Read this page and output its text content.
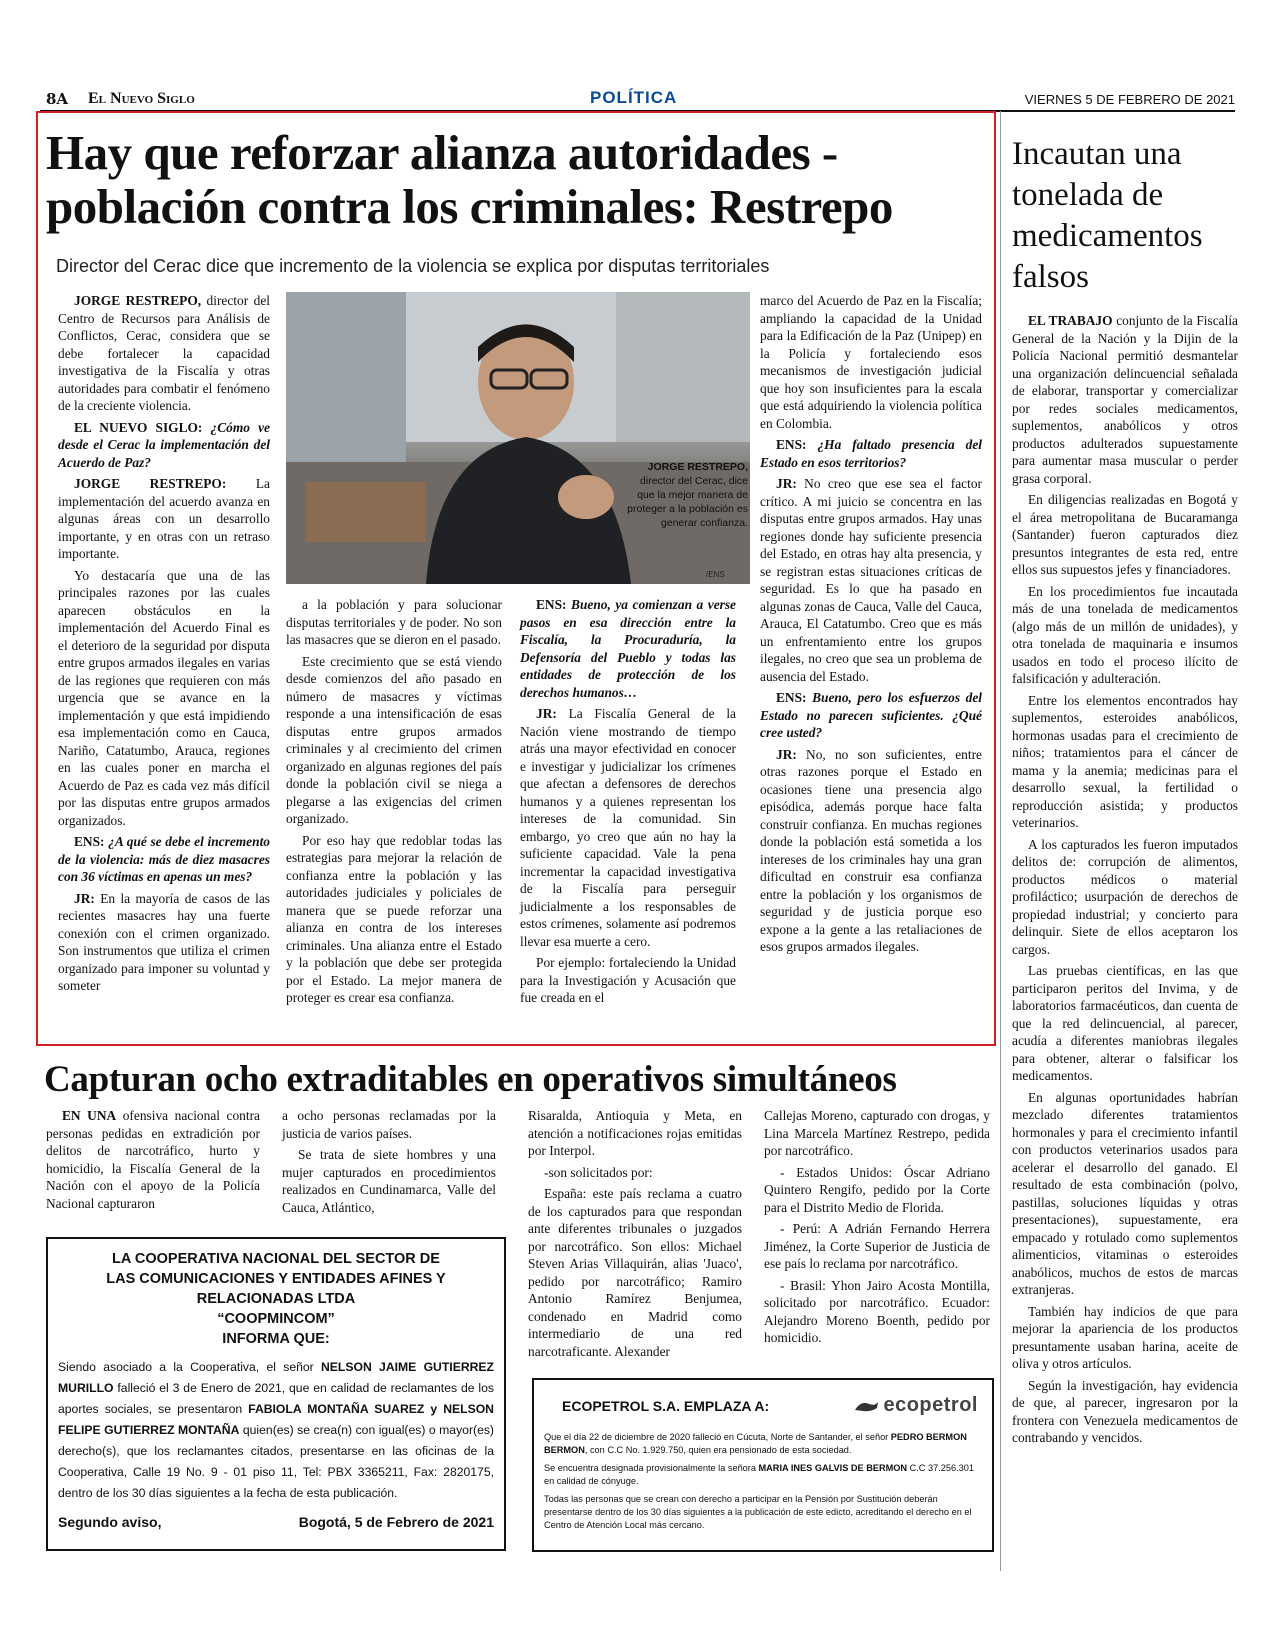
8A El Nuevo Siglo	POLÍTICA	VIERNES 5 DE FEBRERO DE 2021
Hay que reforzar alianza autoridades -
población contra los criminales: Restrepo
Director del Cerac dice que incremento de la violencia se explica por disputas territoriales

JORGE RESTREPO, director del Centro de Recursos para Análisis de Conflictos, Cerac, considera que se debe fortalecer la capacidad investigativa de la Fiscalía y otras autoridades para combatir el fenómeno de la creciente violencia.

EL NUEVO SIGLO: ¿Cómo ve desde el Cerac la implementación del Acuerdo de Paz?

JORGE RESTREPO: La implementación del acuerdo avanza en algunas áreas con un desarrollo importante, y en otras con un retraso importante.

Yo destacaría que una de las principales razones por las cuales aparecen obstáculos en la implementación del Acuerdo Final es el deterioro de la seguridad por disputa entre grupos armados ilegales en varias de las regiones que requieren con más urgencia que se avance en la implementación y que está impidiendo esa implementación como en Cauca, Nariño, Catatumbo, Arauca, regiones en las cuales poner en marcha el Acuerdo de Paz es cada vez más difícil por las disputas entre grupos armados organizados.

ENS: ¿A qué se debe el incremento de la violencia: más de diez masacres con 36 víctimas en apenas un mes?

JR: En la mayoría de casos de las recientes masacres hay una fuerte conexión con el crimen organizado. Son instrumentos que utiliza el crimen organizado para imponer su voluntad y someter

a la población y para solucionar disputas territoriales y de poder. No son las masacres que se dieron en el pasado.

Este crecimiento que se está viendo desde comienzos del año pasado en número de masacres y víctimas responde a una intensificación de esas disputas entre grupos armados criminales y al crecimiento del crimen organizado en algunas regiones del país donde la población civil se niega a plegarse a las exigencias del crimen organizado.

Por eso hay que redoblar todas las estrategias para mejorar la relación de confianza entre la población y las autoridades judiciales y policiales de manera que se puede reforzar una alianza en contra de los intereses criminales. Una alianza entre el Estado y la población que debe ser protegida por el Estado. La mejor manera de proteger es crear esa confianza.

ENS: Bueno, ya comienzan a verse pasos en esa dirección entre la Fiscalía, la Procuraduría, la Defensoría del Pueblo y todas las entidades de protección de los derechos humanos…

JR: La Fiscalía General de la Nación viene mostrando de tiempo atrás una mayor efectividad en conocer e investigar y judicializar los crímenes que afectan a defensores de derechos humanos y a quienes representan los intereses de la comunidad. Sin embargo, yo creo que aún no hay la suficiente capacidad. Vale la pena incrementar la capacidad investigativa de la Fiscalía para perseguir judicialmente a los responsables de estos crímenes, solamente así podremos llevar esa muerte a cero.

Por ejemplo: fortaleciendo la Unidad para la Investigación y Acusación que fue creada en el

marco del Acuerdo de Paz en la Fiscalía; ampliando la capacidad de la Unidad para la Edificación de la Paz (Unipep) en la Policía y fortaleciendo esos mecanismos de investigación judicial que hoy son insuficientes para la escala que está adquiriendo la violencia política en Colombia.

ENS: ¿Ha faltado presencia del Estado en esos territorios?

JR: No creo que ese sea el factor crítico. A mi juicio se concentra en las disputas entre grupos armados. Hay unas regiones donde hay suficiente presencia del Estado, en otras hay alta presencia, y se registran estas situaciones críticas de seguridad. Es lo que ha pasado en algunas zonas de Cauca, Valle del Cauca, Arauca, El Catatumbo. Creo que es más un enfrentamiento entre los grupos ilegales, no creo que sea un problema de ausencia del Estado.

ENS: Bueno, pero los esfuerzos del Estado no parecen suficientes. ¿Qué cree usted?

JR: No, no son suficientes, entre otras razones porque el Estado en ocasiones tiene una presencia algo episódica, además porque hace falta construir confianza. En muchas regiones donde la población está sometida a los intereses de los criminales hay una gran dificultad en construir esa confianza entre la población y los organismos de seguridad y de justicia porque eso expone a la gente a las retaliaciones de esos grupos armados ilegales.

JORGE RESTREPO,
director del Cerac, dice que la mejor manera de proteger a la población es generar confianza.
/ENS
Incautan una tonelada de medicamentos falsos

EL TRABAJO conjunto de la Fiscalía General de la Nación y la Dijin de la Policía Nacional permitió desmantelar una organización delincuencial señalada de elaborar, transportar y comercializar por redes sociales medicamentos, suplementos, anabólicos y otros productos adulterados supuestamente para aumentar masa muscular o perder grasa corporal.

En diligencias realizadas en Bogotá y el área metropolitana de Bucaramanga (Santander) fueron capturados diez presuntos integrantes de esta red, entre ellos sus supuestos jefes y financiadores.

En los procedimientos fue incautada más de una tonelada de medicamentos (algo más de un millón de unidades), y otra tonelada de maquinaria e insumos usados en todo el proceso ilícito de falsificación y adulteración.

Entre los elementos encontrados hay suplementos, esteroides anabólicos, hormonas usadas para el crecimiento de niños; tratamientos para el cáncer de mama y la anemia; medicinas para el desarrollo sexual, la fertilidad o reproducción asistida; y productos veterinarios.

A los capturados les fueron imputados delitos de: corrupción de alimentos, productos médicos o material profiláctico; usurpación de derechos de propiedad industrial; y concierto para delinquir. Siete de ellos aceptaron los cargos.

Las pruebas científicas, en las que participaron peritos del Invima, y de laboratorios farmacéuticos, dan cuenta de que la red delincuencial, al parecer, acudía a diferentes maniobras ilegales para obtener, alterar o falsificar los medicamentos.

En algunas oportunidades habrían mezclado diferentes tratamientos hormonales y para el crecimiento infantil con productos veterinarios usados para acelerar el desarrollo del ganado. El resultado de esta combinación (polvo, pastillas, soluciones líquidas y otras presentaciones), supuestamente, era empacado y rotulado como suplementos alimenticios, vitaminas o esteroides anabólicos, muchos de estos de marcas extranjeras.

También hay indicios de que para mejorar la apariencia de los productos presuntamente usaban harina, aceite de oliva y otros artículos.

Según la investigación, hay evidencia de que, al parecer, ingresaron por la frontera con Venezuela medicamentos de contrabando y vencidos.

Capturan ocho extraditables en operativos simultáneos

EN UNA ofensiva nacional contra personas pedidas en extradición por delitos de narcotráfico, hurto y homicidio, la Fiscalía General de la Nación con el apoyo de la Policía Nacional capturaron

a ocho personas reclamadas por la justicia de varios países.

Se trata de siete hombres y una mujer capturados en procedimientos realizados en Cundinamarca, Valle del Cauca, Atlántico,

Risaralda, Antioquia y Meta, en atención a notificaciones rojas emitidas por Interpol.

-son solicitados por:

España: este país reclama a cuatro de los capturados para que respondan ante diferentes tribunales o juzgados por narcotráfico. Son ellos: Michael Steven Arias Villaquirán, alias 'Juaco', pedido por narcotráfico; Ramiro Antonio Ramírez Benjumea, condenado en Madrid como intermediario de una red narcotraficante. Alexander

Callejas Moreno, capturado con drogas, y Lina Marcela Martínez Restrepo, pedida por narcotráfico.

- Estados Unidos: Óscar Adriano Quintero Rengifo, pedido por la Corte para el Distrito Medio de Florida.

- Perú: A Adrián Fernando Herrera Jiménez, la Corte Superior de Justicia de ese país lo reclama por narcotráfico.

- Brasil: Yhon Jairo Acosta Montilla, solicitado por narcotráfico. Ecuador: Alejandro Moreno Boenth, pedido por homicidio.

LA COOPERATIVA NACIONAL DEL SECTOR DE
LAS COMUNICACIONES Y ENTIDADES AFINES Y
RELACIONADAS LTDA
“COOPMINCOM”
INFORMA QUE:
Siendo asociado a la Cooperativa, el señor NELSON JAIME GUTIERREZ MURILLO falleció el 3 de Enero de 2021, que en calidad de reclamantes de los aportes sociales, se presentaron FABIOLA MONTAÑA SUAREZ y NELSON FELIPE GUTIERREZ MONTAÑA quien(es) se crea(n) con igual(es) o mayor(es) derecho(s), que los reclamantes citados, presentarse en las oficinas de la Cooperativa, Calle 19 No. 9 - 01 piso 11, Tel: PBX 3365211, Fax: 2820175, dentro de los 30 días siguientes a la fecha de esta publicación.
Segundo aviso,	Bogotá, 5 de Febrero de 2021
ECOPETROL S.A. EMPLAZA A:	ecopetrol
Que el día 22 de diciembre de 2020 falleció en Cúcuta, Norte de Santander, el señor PEDRO BERMON BERMON, con C.C No. 1.929.750, quien era pensionado de esta sociedad.
Se encuentra designada provisionalmente la señora MARIA INES GALVIS DE BERMON C.C 37.256.301 en calidad de cónyuge.
Todas las personas que se crean con derecho a participar en la Pensión por Sustitución deberán presentarse dentro de los 30 días siguientes a la publicación de este edicto, acreditando el derecho en el Centro de Atención Local más cercano.
